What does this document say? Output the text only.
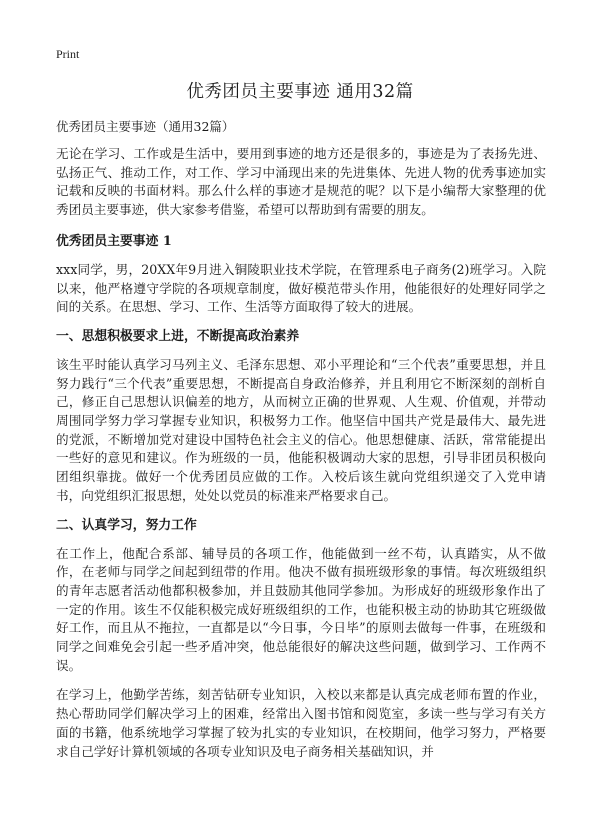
Print
优秀团员主要事迹 通用32篇

优秀团员主要事迹（通用32篇）

无论在学习、工作或是生活中，要用到事迹的地方还是很多的，事迹是为了表扬先进、弘扬正气、推动工作，对工作、学习中涌现出来的先进集体、先进人物的优秀事迹加实记载和反映的书面材料。那么什么样的事迹才是规范的呢？以下是小编帮大家整理的优秀团员主要事迹，供大家参考借鉴，希望可以帮助到有需要的朋友。

优秀团员主要事迹 1

xxx同学，男，20XX年9月进入铜陵职业技术学院，在管理系电子商务(2)班学习。入院以来，他严格遵守学院的各项规章制度，做好模范带头作用，他能很好的处理好同学之间的关系。在思想、学习、工作、生活等方面取得了较大的进展。

一、思想积极要求上进，不断提高政治素养

该生平时能认真学习马列主义、毛泽东思想、邓小平理论和“三个代表”重要思想，并且努力践行“三个代表”重要思想，不断提高自身政治修养，并且利用它不断深刻的剖析自己，修正自己思想认识偏差的地方，从而树立正确的世界观、人生观、价值观，并带动周围同学努力学习掌握专业知识，积极努力工作。他坚信中国共产党是最伟大、最先进的党派，不断增加党对建设中国特色社会主义的信心。他思想健康、活跃，常常能提出一些好的意见和建议。作为班级的一员，他能积极调动大家的思想，引导非团员积极向团组织靠拢。做好一个优秀团员应做的工作。入校后该生就向党组织递交了入党申请书，向党组织汇报思想，处处以党员的标准来严格要求自己。

二、认真学习，努力工作

在工作上，他配合系部、辅导员的各项工作，他能做到一丝不苟，认真踏实，从不做作，在老师与同学之间起到纽带的作用。他决不做有损班级形象的事情。每次班级组织的青年志愿者活动他都积极参加，并且鼓励其他同学参加。为形成好的班级形象作出了一定的作用。该生不仅能积极完成好班级组织的工作，也能积极主动的协助其它班级做好工作，而且从不拖拉，一直都是以“今日事，今日毕”的原则去做每一件事，在班级和同学之间难免会引起一些矛盾冲突，他总能很好的解决这些问题，做到学习、工作两不误。

在学习上，他勤学苦练，刻苦钻研专业知识，入校以来都是认真完成老师布置的作业，热心帮助同学们解决学习上的困难，经常出入图书馆和阅览室，多读一些与学习有关方面的书籍，他系统地学习掌握了较为扎实的专业知识，在校期间，他学习努力，严格要求自己学好计算机领域的各项专业知识及电子商务相关基础知识，并
